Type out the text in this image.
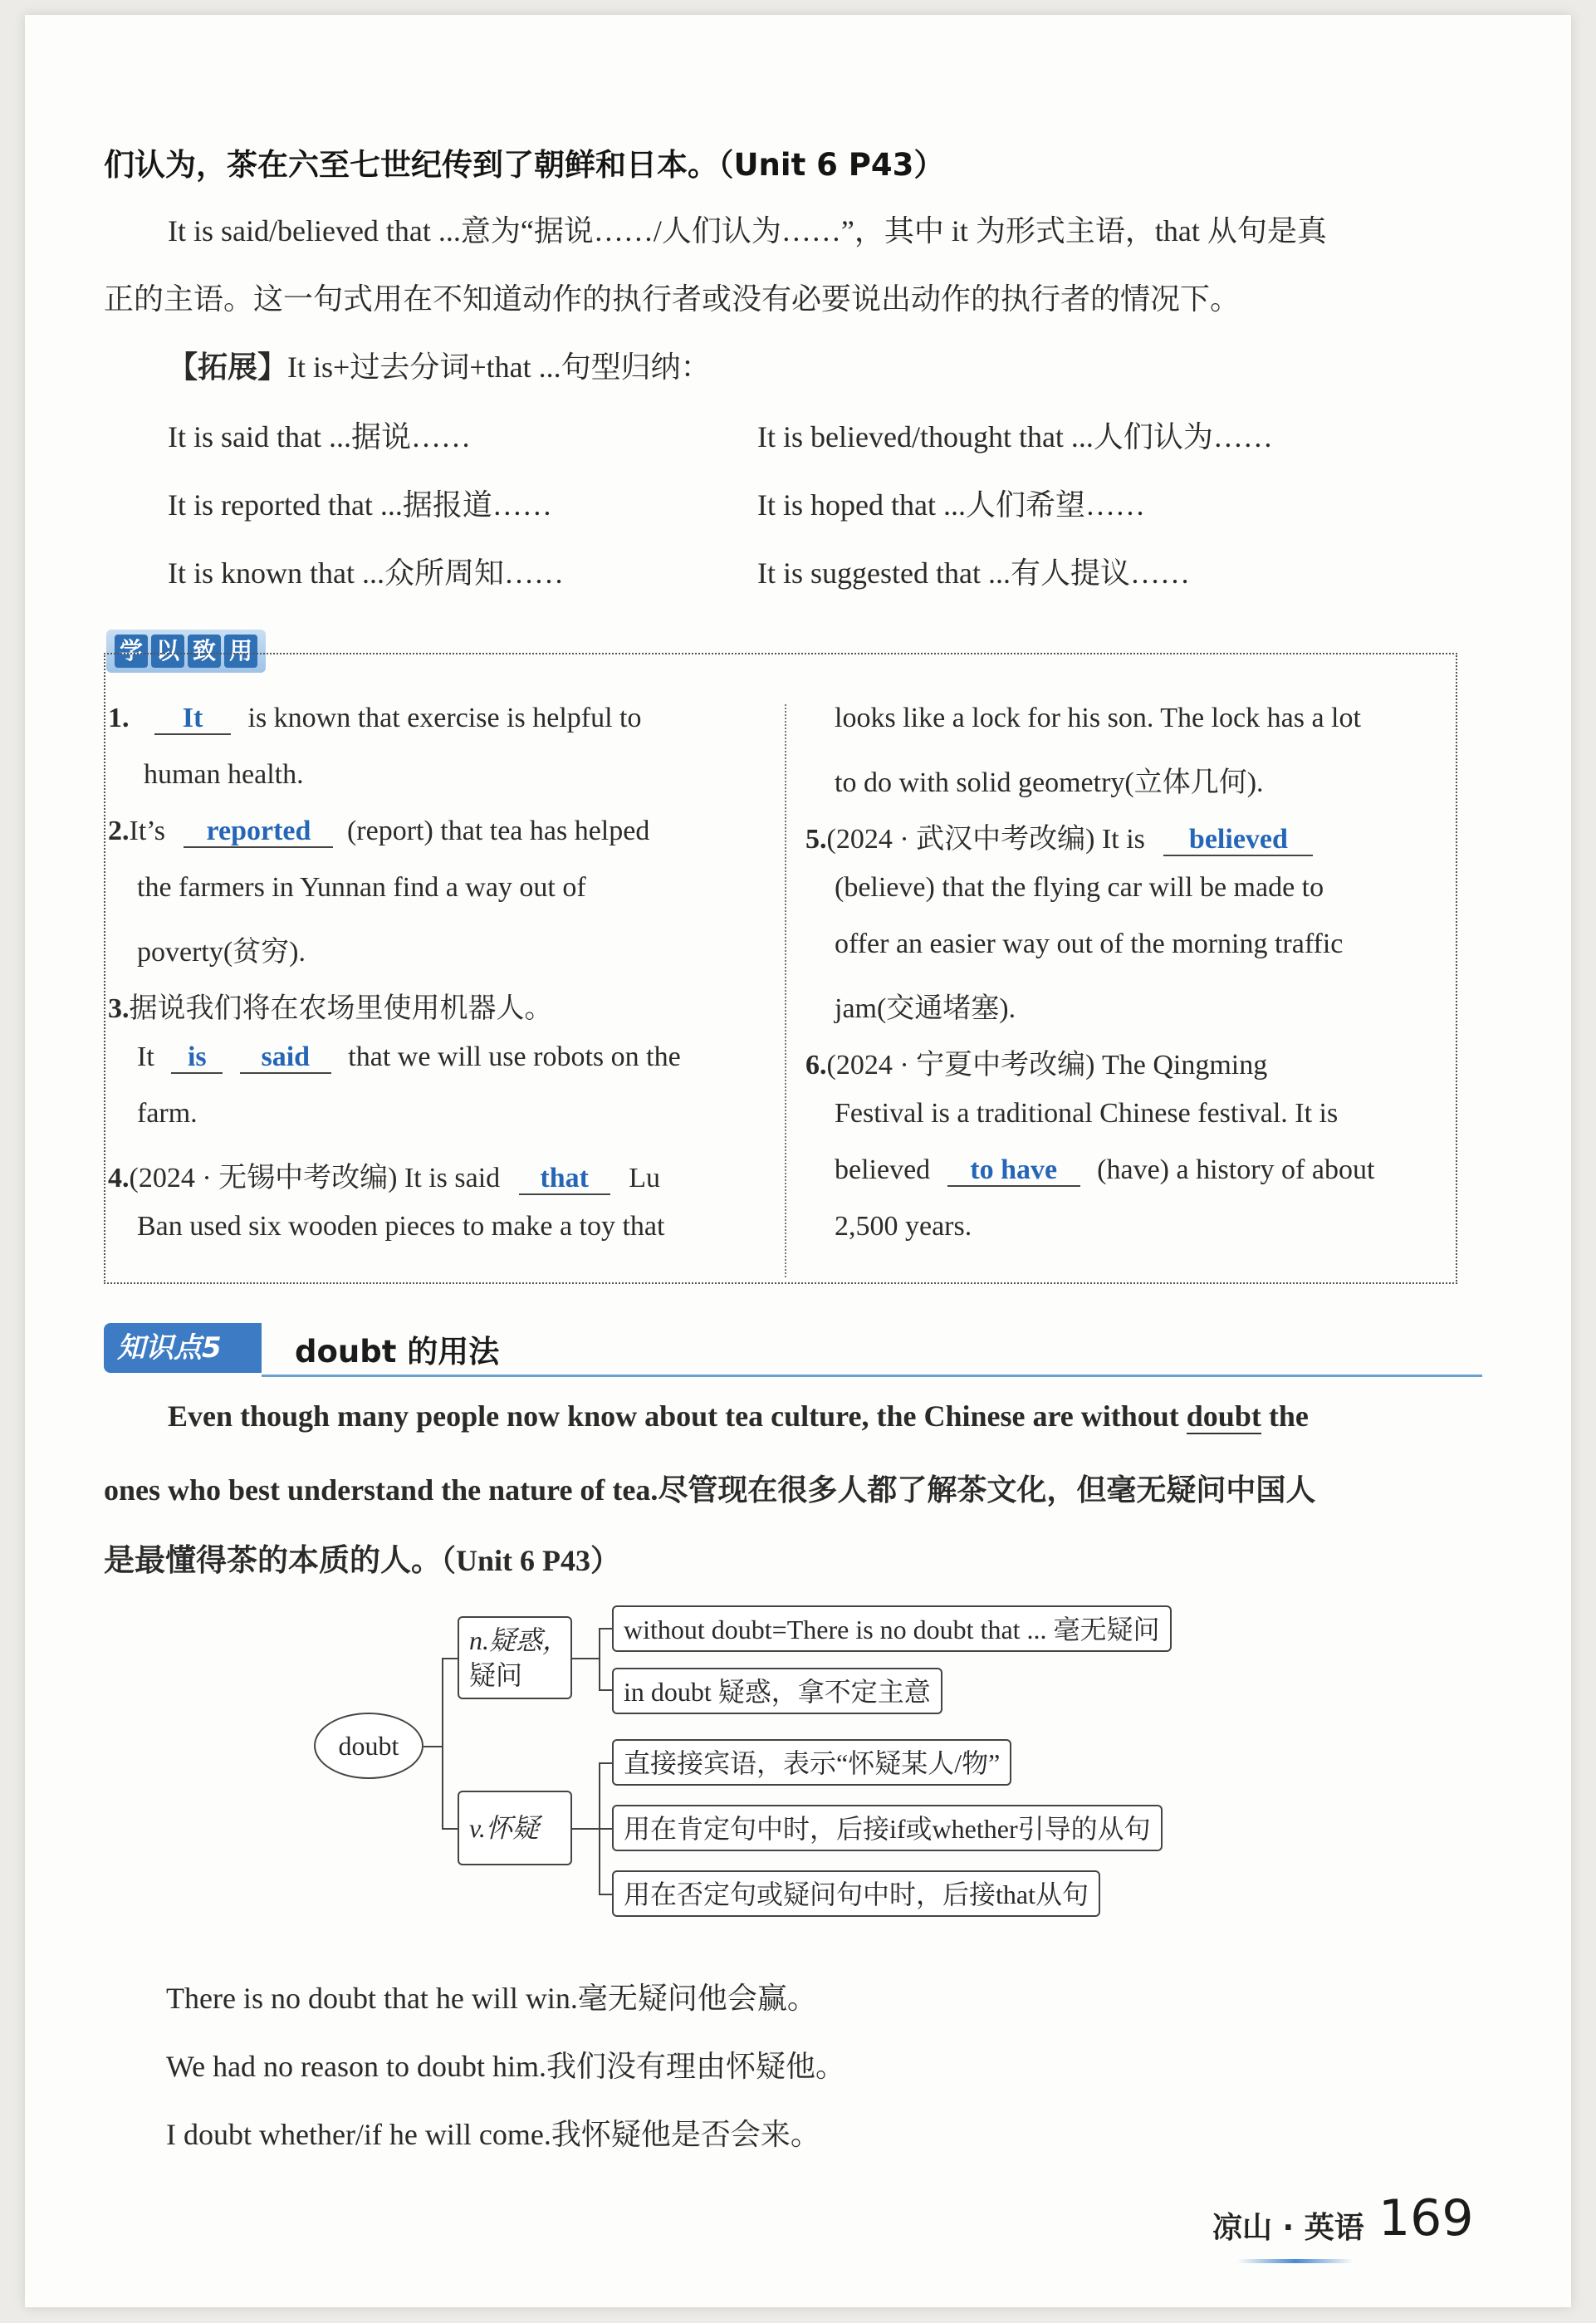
们认为，茶在六至七世纪传到了朝鲜和日本。（Unit 6 P43）
It is said/believed that ...意为“据说……/人们认为……”，其中 it 为形式主语，that 从句是真
正的主语。这一句式用在不知道动作的执行者或没有必要说出动作的执行者的情况下。
【拓展】It is+过去分词+that ...句型归纳：
It is said that ...据说……	It is believed/thought that ...人们认为……
It is reported that ...据报道……	It is hoped that ...人们希望……
It is known that ...众所周知……	It is suggested that ...有人提议……
学 以 致 用
1. It is known that exercise is helpful to
human health.
2.It’s reported (report) that tea has helped
the farmers in Yunnan find a way out of
poverty(贫穷).
3.据说我们将在农场里使用机器人。
It is said that we will use robots on the
farm.
4.(2024 · 无锡中考改编) It is said that Lu
Ban used six wooden pieces to make a toy that
looks like a lock for his son. The lock has a lot
to do with solid geometry(立体几何).
5.(2024 · 武汉中考改编) It is believed
(believe) that the flying car will be made to
offer an easier way out of the morning traffic
jam(交通堵塞).
6.(2024 · 宁夏中考改编) The Qingming
Festival is a traditional Chinese festival. It is
believed to have (have) a history of about
2,500 years.
知识点5	doubt 的用法
Even though many people now know about tea culture, the Chinese are without doubt the
ones who best understand the nature of tea.尽管现在很多人都了解茶文化，但毫无疑问中国人
是最懂得茶的本质的人。（Unit 6 P43）
doubt
n.疑惑，
疑问
v.怀疑
without doubt=There is no doubt that ... 毫无疑问
in doubt 疑惑，拿不定主意
直接接宾语，表示“怀疑某人/物”
用在肯定句中时，后接if或whether引导的从句
用在否定句或疑问句中时，后接that从句
There is no doubt that he will win.毫无疑问他会赢。
We had no reason to doubt him.我们没有理由怀疑他。
I doubt whether/if he will come.我怀疑他是否会来。
凉山 · 英语 169
